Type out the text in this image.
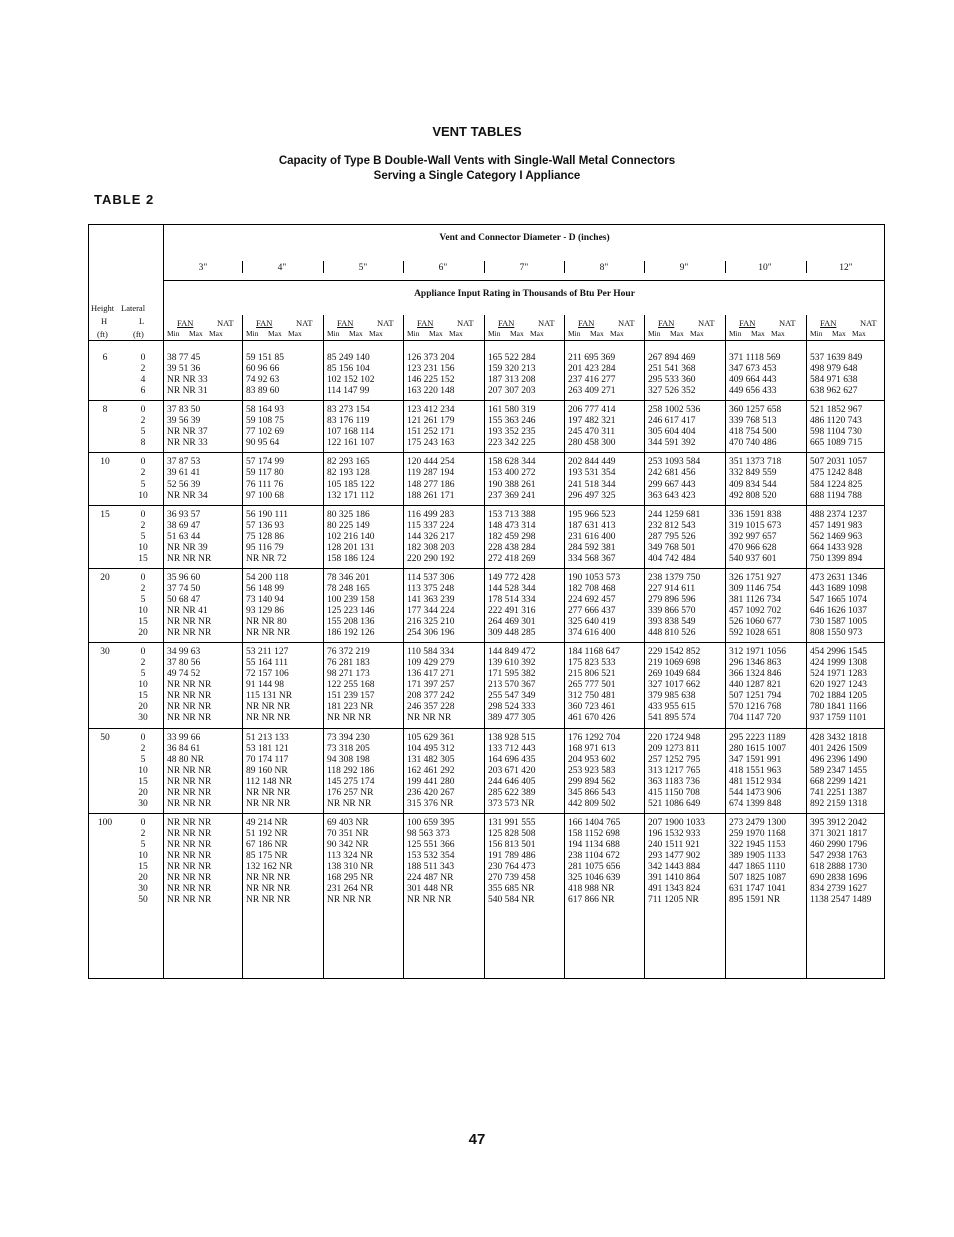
VENT TABLES
Capacity of Type B Double-Wall Vents with Single-Wall Metal Connectors
Serving a Single Category I Appliance
TABLE 2
Vent and Connector Diameter - D (inches)
Appliance Input Rating in Thousands of Btu Per Hour
Height Lateral
H	L
(ft)	(ft)
3"
FAN	NAT
Min Max Max
4"
FAN	NAT
Min Max Max
5"
FAN	NAT
Min Max Max
6"
FAN	NAT
Min Max Max
7"
FAN	NAT
Min Max Max
8"
FAN	NAT
Min Max Max
9"
FAN	NAT
Min Max Max
10"
FAN	NAT
Min Max Max
12"
FAN	NAT
Min Max Max
6	0	38 77 45	59 151 85	85 249 140	126 373 204	165 522 284	211 695 369	267 894 469	371 1118 569	537 1639 849
2	39 51 36	60 96 66	85 156 104	123 231 156	159 320 213	201 423 284	251 541 368	347 673 453	498 979 648
4	NR NR 33	74 92 63	102 152 102	146 225 152	187 313 208	237 416 277	295 533 360	409 664 443	584 971 638
6	NR NR 31	83 89 60	114 147 99	163 220 148	207 307 203	263 409 271	327 526 352	449 656 433	638 962 627
8	0	37 83 50	58 164 93	83 273 154	123 412 234	161 580 319	206 777 414	258 1002 536	360 1257 658	521 1852 967
2	39 56 39	59 108 75	83 176 119	121 261 179	155 363 246	197 482 321	246 617 417	339 768 513	486 1120 743
5	NR NR 37	77 102 69	107 168 114	151 252 171	193 352 235	245 470 311	305 604 404	418 754 500	598 1104 730
8	NR NR 33	90 95 64	122 161 107	175 243 163	223 342 225	280 458 300	344 591 392	470 740 486	665 1089 715
10	0	37 87 53	57 174 99	82 293 165	120 444 254	158 628 344	202 844 449	253 1093 584	351 1373 718	507 2031 1057
2	39 61 41	59 117 80	82 193 128	119 287 194	153 400 272	193 531 354	242 681 456	332 849 559	475 1242 848
5	52 56 39	76 111 76	105 185 122	148 277 186	190 388 261	241 518 344	299 667 443	409 834 544	584 1224 825
10	NR NR 34	97 100 68	132 171 112	188 261 171	237 369 241	296 497 325	363 643 423	492 808 520	688 1194 788
15	0	36 93 57	56 190 111	80 325 186	116 499 283	153 713 388	195 966 523	244 1259 681	336 1591 838	488 2374 1237
2	38 69 47	57 136 93	80 225 149	115 337 224	148 473 314	187 631 413	232 812 543	319 1015 673	457 1491 983
5	51 63 44	75 128 86	102 216 140	144 326 217	182 459 298	231 616 400	287 795 526	392 997 657	562 1469 963
10	NR NR 39	95 116 79	128 201 131	182 308 203	228 438 284	284 592 381	349 768 501	470 966 628	664 1433 928
15	NR NR NR	NR NR 72	158 186 124	220 290 192	272 418 269	334 568 367	404 742 484	540 937 601	750 1399 894
20	0	35 96 60	54 200 118	78 346 201	114 537 306	149 772 428	190 1053 573	238 1379 750	326 1751 927	473 2631 1346
2	37 74 50	56 148 99	78 248 165	113 375 248	144 528 344	182 708 468	227 914 611	309 1146 754	443 1689 1098
5	50 68 47	73 140 94	100 239 158	141 363 239	178 514 334	224 692 457	279 896 596	381 1126 734	547 1665 1074
10	NR NR 41	93 129 86	125 223 146	177 344 224	222 491 316	277 666 437	339 866 570	457 1092 702	646 1626 1037
15	NR NR NR	NR NR 80	155 208 136	216 325 210	264 469 301	325 640 419	393 838 549	526 1060 677	730 1587 1005
20	NR NR NR	NR NR NR	186 192 126	254 306 196	309 448 285	374 616 400	448 810 526	592 1028 651	808 1550 973
30	0	34 99 63	53 211 127	76 372 219	110 584 334	144 849 472	184 1168 647	229 1542 852	312 1971 1056	454 2996 1545
2	37 80 56	55 164 111	76 281 183	109 429 279	139 610 392	175 823 533	219 1069 698	296 1346 863	424 1999 1308
5	49 74 52	72 157 106	98 271 173	136 417 271	171 595 382	215 806 521	269 1049 684	366 1324 846	524 1971 1283
10	NR NR NR	91 144 98	122 255 168	171 397 257	213 570 367	265 777 501	327 1017 662	440 1287 821	620 1927 1243
15	NR NR NR	115 131 NR	151 239 157	208 377 242	255 547 349	312 750 481	379 985 638	507 1251 794	702 1884 1205
20	NR NR NR	NR NR NR	181 223 NR	246 357 228	298 524 333	360 723 461	433 955 615	570 1216 768	780 1841 1166
30	NR NR NR	NR NR NR	NR NR NR	NR NR NR	389 477 305	461 670 426	541 895 574	704 1147 720	937 1759 1101
50	0	33 99 66	51 213 133	73 394 230	105 629 361	138 928 515	176 1292 704	220 1724 948	295 2223 1189	428 3432 1818
2	36 84 61	53 181 121	73 318 205	104 495 312	133 712 443	168 971 613	209 1273 811	280 1615 1007	401 2426 1509
5	48 80 NR	70 174 117	94 308 198	131 482 305	164 696 435	204 953 602	257 1252 795	347 1591 991	496 2396 1490
10	NR NR NR	89 160 NR	118 292 186	162 461 292	203 671 420	253 923 583	313 1217 765	418 1551 963	589 2347 1455
15	NR NR NR	112 148 NR	145 275 174	199 441 280	244 646 405	299 894 562	363 1183 736	481 1512 934	668 2299 1421
20	NR NR NR	NR NR NR	176 257 NR	236 420 267	285 622 389	345 866 543	415 1150 708	544 1473 906	741 2251 1387
30	NR NR NR	NR NR NR	NR NR NR	315 376 NR	373 573 NR	442 809 502	521 1086 649	674 1399 848	892 2159 1318
100	0	NR NR NR	49 214 NR	69 403 NR	100 659 395	131 991 555	166 1404 765	207 1900 1033	273 2479 1300	395 3912 2042
2	NR NR NR	51 192 NR	70 351 NR	98 563 373	125 828 508	158 1152 698	196 1532 933	259 1970 1168	371 3021 1817
5	NR NR NR	67 186 NR	90 342 NR	125 551 366	156 813 501	194 1134 688	240 1511 921	322 1945 1153	460 2990 1796
10	NR NR NR	85 175 NR	113 324 NR	153 532 354	191 789 486	238 1104 672	293 1477 902	389 1905 1133	547 2938 1763
15	NR NR NR	132 162 NR	138 310 NR	188 511 343	230 764 473	281 1075 656	342 1443 884	447 1865 1110	618 2888 1730
20	NR NR NR	NR NR NR	168 295 NR	224 487 NR	270 739 458	325 1046 639	391 1410 864	507 1825 1087	690 2838 1696
30	NR NR NR	NR NR NR	231 264 NR	301 448 NR	355 685 NR	418 988 NR	491 1343 824	631 1747 1041	834 2739 1627
50	NR NR NR	NR NR NR	NR NR NR	NR NR NR	540 584 NR	617 866 NR	711 1205 NR	895 1591 NR	1138 2547 1489
47
